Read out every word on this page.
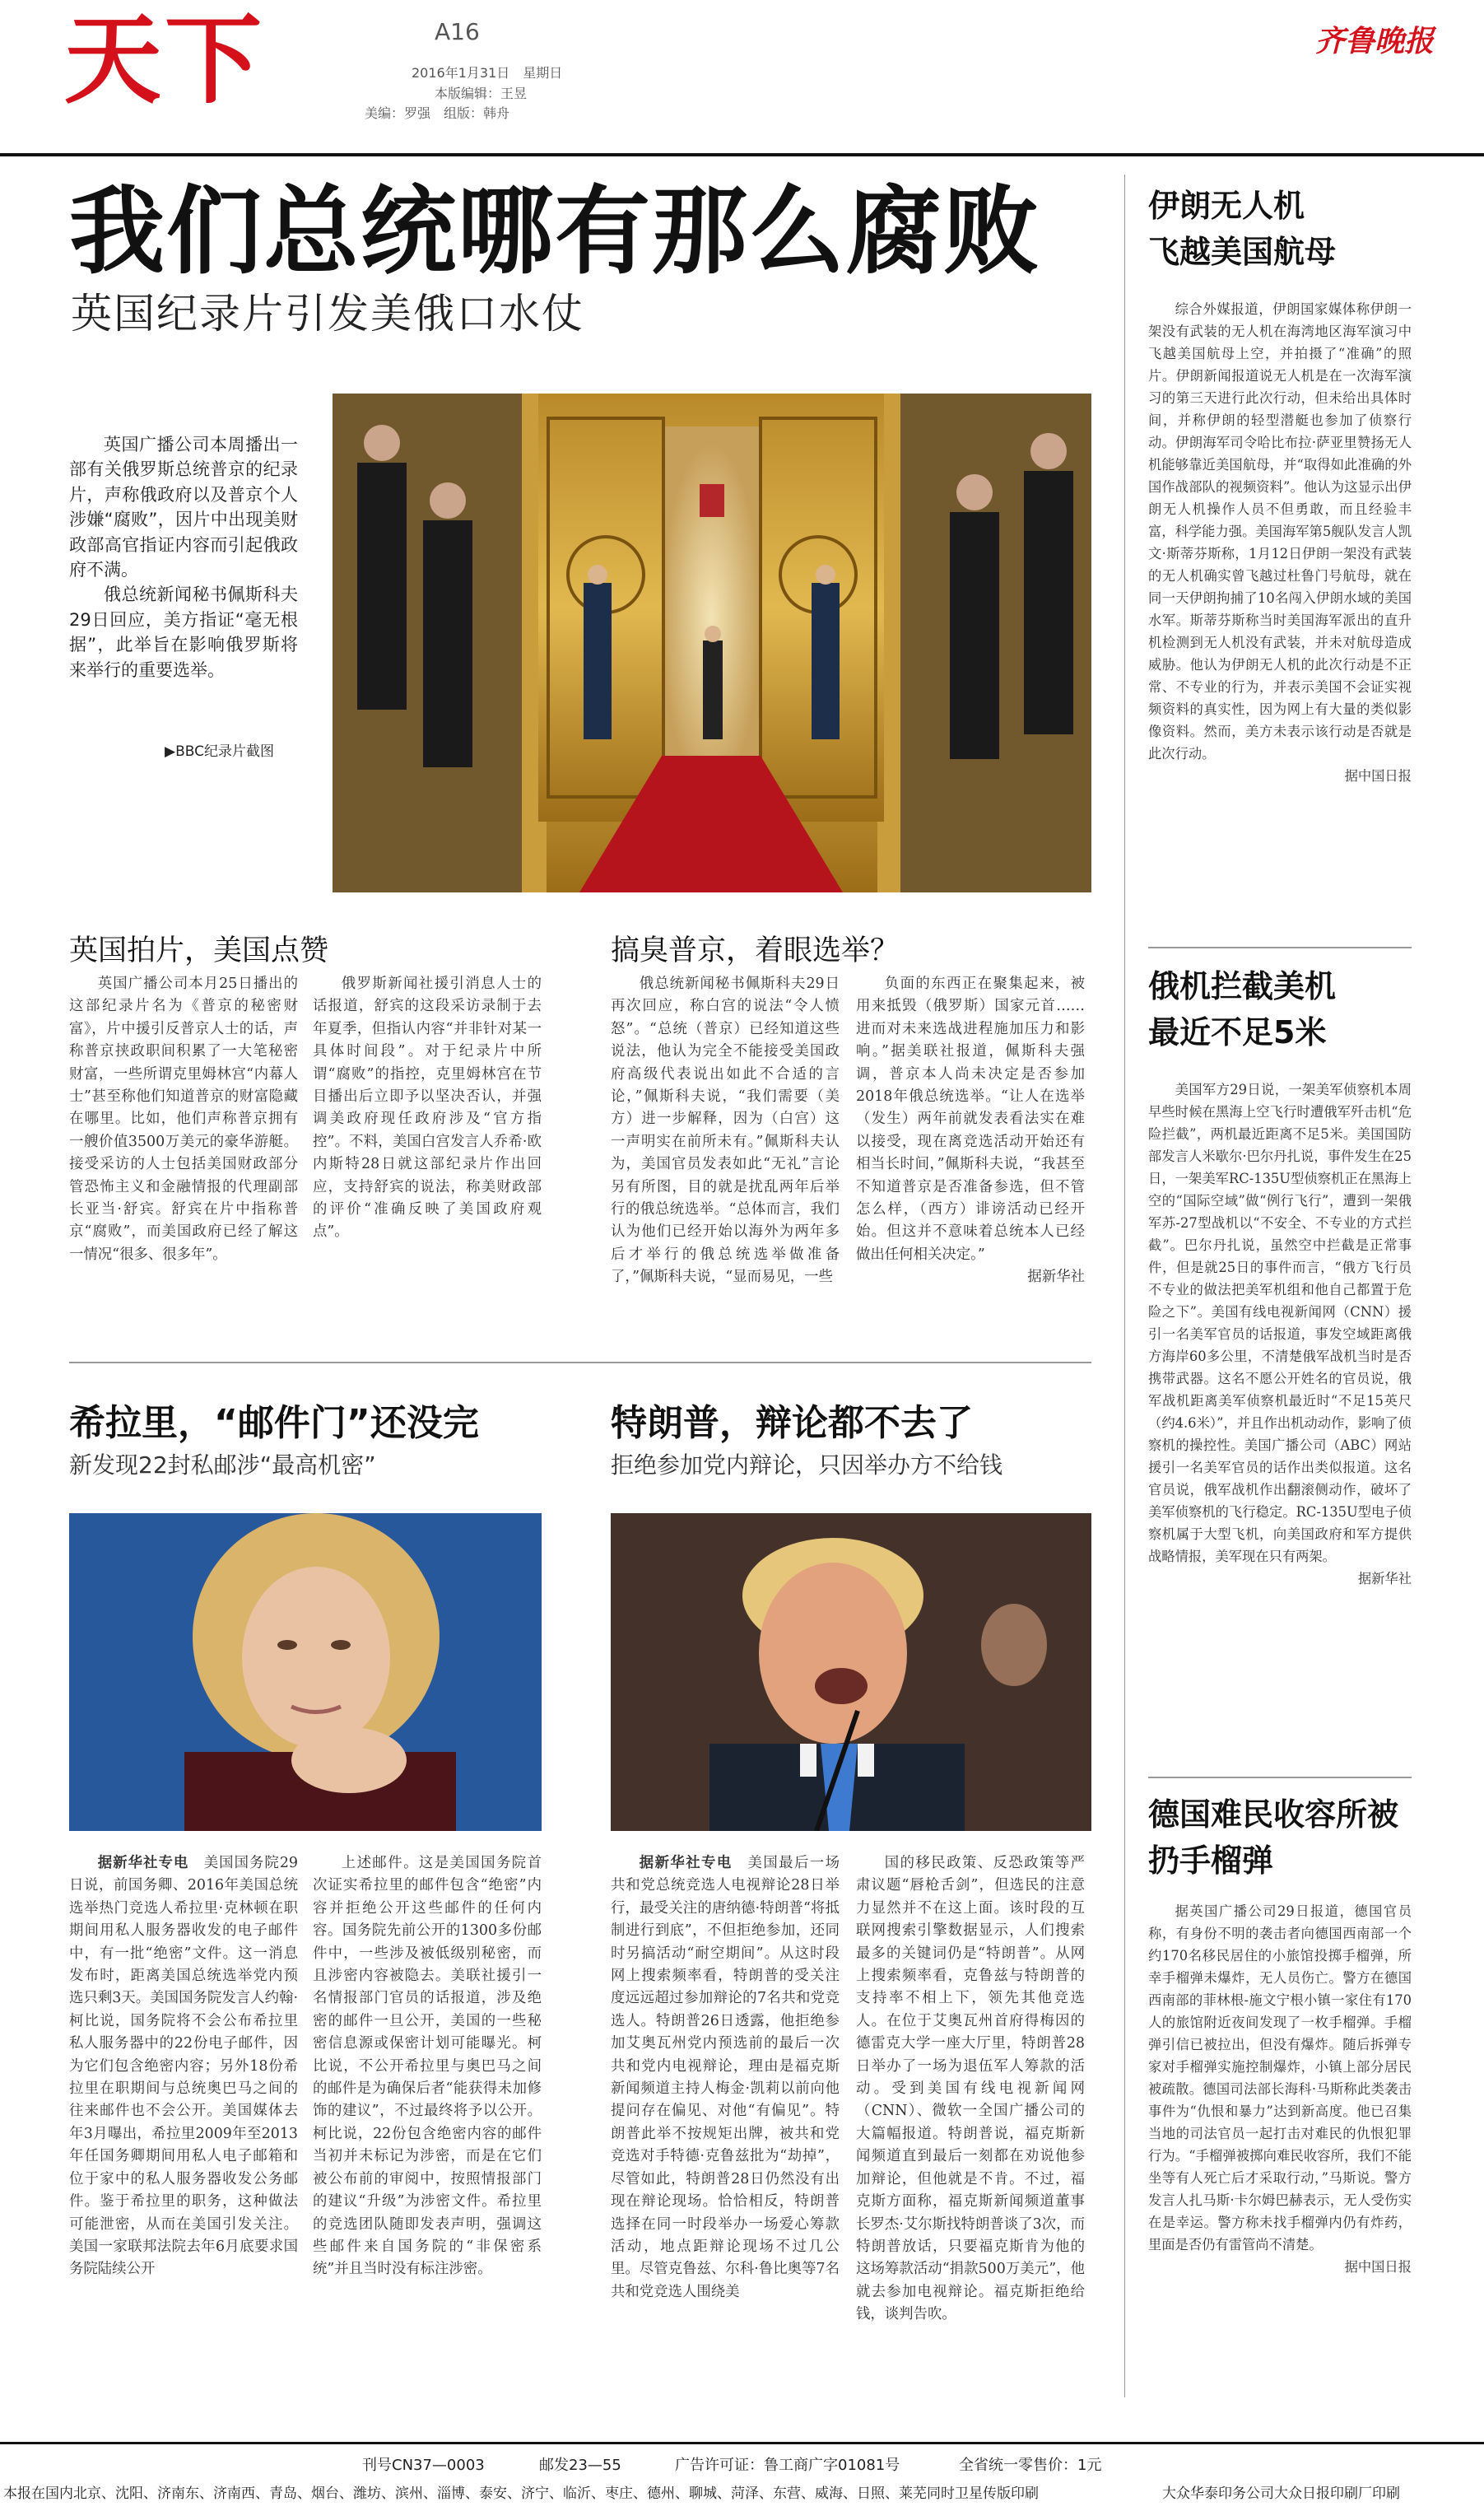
天下	A16
2016年1月31日　星期日
本版编辑：王昱
美编：罗强　组版：韩舟
齐鲁晚报
我们总统哪有那么腐败
英国纪录片引发美俄口水仗

英国广播公司本周播出一部有关俄罗斯总统普京的纪录片，声称俄政府以及普京个人涉嫌“腐败”，因片中出现美财政部高官指证内容而引起俄政府不满。

俄总统新闻秘书佩斯科夫29日回应，美方指证“毫无根据”，此举旨在影响俄罗斯将来举行的重要选举。

▶BBC纪录片截图
英国拍片，美国点赞

英国广播公司本月25日播出的这部纪录片名为《普京的秘密财富》，片中援引反普京人士的话，声称普京挟政职间积累了一大笔秘密财富，一些所谓克里姆林宫“内幕人士”甚至称他们知道普京的财富隐藏在哪里。比如，他们声称普京拥有一艘价值3500万美元的豪华游艇。接受采访的人士包括美国财政部分管恐怖主义和金融情报的代理副部长亚当·舒宾。舒宾在片中指称普京“腐败”，而美国政府已经了解这一情况“很多、很多年”。

俄罗斯新闻社援引消息人士的话报道，舒宾的这段采访录制于去年夏季，但指认内容“并非针对某一具体时间段”。对于纪录片中所谓“腐败”的指控，克里姆林宫在节目播出后立即予以坚决否认，并强调美政府现任政府涉及“官方指控”。不料，美国白宫发言人乔希·欧内斯特28日就这部纪录片作出回应，支持舒宾的说法，称美财政部的评价“准确反映了美国政府观点”。

搞臭普京，着眼选举？

俄总统新闻秘书佩斯科夫29日再次回应，称白宫的说法“令人愤怒”。“总统（普京）已经知道这些说法，他认为完全不能接受美国政府高级代表说出如此不合适的言论，”佩斯科夫说，“我们需要（美方）进一步解释，因为（白宫）这一声明实在前所未有。”佩斯科夫认为，美国官员发表如此“无礼”言论另有所图，目的就是扰乱两年后举行的俄总统选举。“总体而言，我们认为他们已经开始以海外为两年多后才举行的俄总统选举做准备了，”佩斯科夫说，“显而易见，一些

负面的东西正在聚集起来，被用来抵毁（俄罗斯）国家元首……进而对未来选战进程施加压力和影响。”据美联社报道，佩斯科夫强调，普京本人尚未决定是否参加2018年俄总统选举。“让人在选举（发生）两年前就发表看法实在难以接受，现在离竞选活动开始还有相当长时间，”佩斯科夫说，“我甚至不知道普京是否准备参选，但不管怎么样，（西方）诽谤活动已经开始。但这并不意味着总统本人已经做出任何相关决定。”

据新华社
希拉里，“邮件门”还没完
新发现22封私邮涉“最高机密”

据新华社专电　 美国国务院29日说，前国务卿、2016年美国总统选举热门竞选人希拉里·克林顿在职期间用私人服务器收发的电子邮件中，有一批“绝密”文件。这一消息发布时，距离美国总统选举党内预选只剩3天。美国国务院发言人约翰·柯比说，国务院将不会公布希拉里私人服务器中的22份电子邮件，因为它们包含绝密内容；另外18份希拉里在职期间与总统奥巴马之间的往来邮件也不会公开。美国媒体去年3月曝出，希拉里2009年至2013年任国务卿期间用私人电子邮箱和位于家中的私人服务器收发公务邮件。鉴于希拉里的职务，这种做法可能泄密，从而在美国引发关注。美国一家联邦法院去年6月底要求国务院陆续公开

上述邮件。这是美国国务院首次证实希拉里的邮件包含“绝密”内容并拒绝公开这些邮件的任何内容。国务院先前公开的1300多份邮件中，一些涉及被低级别秘密，而且涉密内容被隐去。美联社援引一名情报部门官员的话报道，涉及绝密的邮件一旦公开，美国的一些秘密信息源或保密计划可能曝光。柯比说，不公开希拉里与奥巴马之间的邮件是为确保后者“能获得未加修饰的建议”，不过最终将予以公开。柯比说，22份包含绝密内容的邮件当初并未标记为涉密，而是在它们被公布前的审阅中，按照情报部门的建议“升级”为涉密文件。希拉里的竞选团队随即发表声明，强调这些邮件来自国务院的“非保密系统”并且当时没有标注涉密。

特朗普，辩论都不去了
拒绝参加党内辩论，只因举办方不给钱

据新华社专电　 美国最后一场共和党总统竞选人电视辩论28日举行，最受关注的唐纳德·特朗普“将抵制进行到底”，不但拒绝参加，还同时另搞活动“耐空期间”。从这时段网上搜索频率看，特朗普的受关注度远远超过参加辩论的7名共和党竞选人。特朗普26日透露，他拒绝参加艾奥瓦州党内预选前的最后一次共和党内电视辩论，理由是福克斯新闻频道主持人梅金·凯莉以前向他提问存在偏见、对他“有偏见”。特朗普此举不按规矩出牌，被共和党竞选对手特德·克鲁兹批为“劫掉”，尽管如此，特朗普28日仍然没有出现在辩论现场。恰恰相反，特朗普选择在同一时段举办一场爱心筹款活动，地点距辩论现场不过几公里。尽管克鲁兹、尔科·鲁比奥等7名共和党竞选人围绕美

国的移民政策、反恐政策等严肃议题“唇枪舌剑”，但选民的注意力显然并不在这上面。该时段的互联网搜索引擎数据显示，人们搜索最多的关键词仍是“特朗普”。从网上搜索频率看，克鲁兹与特朗普的支持率不相上下，领先其他竞选人。在位于艾奥瓦州首府得梅因的德雷克大学一座大厅里，特朗普28日举办了一场为退伍军人筹款的活动。受到美国有线电视新闻网（CNN）、微软一全国广播公司的大篇幅报道。特朗普说，福克斯新闻频道直到最后一刻都在劝说他参加辩论，但他就是不肯。不过，福克斯方面称，福克斯新闻频道董事长罗杰·艾尔斯找特朗普谈了3次，而特朗普放话，只要福克斯肯为他的这场筹款活动“捐款500万美元”，他就去参加电视辩论。福克斯拒绝给钱，谈判告吹。

伊朗无人机
飞越美国航母

综合外媒报道，伊朗国家媒体称伊朗一架没有武装的无人机在海湾地区海军演习中飞越美国航母上空，并拍摄了“准确”的照片。伊朗新闻报道说无人机是在一次海军演习的第三天进行此次行动，但未给出具体时间，并称伊朗的轻型潜艇也参加了侦察行动。伊朗海军司令哈比布拉·萨亚里赞扬无人机能够靠近美国航母，并“取得如此准确的外国作战部队的视频资料”。他认为这显示出伊朗无人机操作人员不但勇敢，而且经验丰富，科学能力强。美国海军第5舰队发言人凯文·斯蒂芬斯称，1月12日伊朗一架没有武装的无人机确实曾飞越过杜鲁门号航母，就在同一天伊朗拘捕了10名闯入伊朗水域的美国水军。斯蒂芬斯称当时美国海军派出的直升机检测到无人机没有武装，并未对航母造成威胁。他认为伊朗无人机的此次行动是不正常、不专业的行为，并表示美国不会证实视频资料的真实性，因为网上有大量的类似影像资料。然而，美方未表示该行动是否就是此次行动。

据中国日报
俄机拦截美机
最近不足5米

美国军方29日说，一架美军侦察机本周早些时候在黑海上空飞行时遭俄军歼击机“危险拦截”，两机最近距离不足5米。美国国防部发言人米歇尔·巴尔丹扎说，事件发生在25日，一架美军RC-135U型侦察机正在黑海上空的“国际空域”做“例行飞行”，遭到一架俄军苏-27型战机以“不安全、不专业的方式拦截”。巴尔丹扎说，虽然空中拦截是正常事件，但是就25日的事件而言，“俄方飞行员不专业的做法把美军机组和他自己都置于危险之下”。美国有线电视新闻网（CNN）援引一名美军官员的话报道，事发空域距离俄方海岸60多公里，不清楚俄军战机当时是否携带武器。这名不愿公开姓名的官员说，俄军战机距离美军侦察机最近时“不足15英尺（约4.6米）”，并且作出机动动作，影响了侦察机的操控性。美国广播公司（ABC）网站援引一名美军官员的话作出类似报道。这名官员说，俄军战机作出翻滚侧动作，破坏了美军侦察机的飞行稳定。RC-135U型电子侦察机属于大型飞机，向美国政府和军方提供战略情报，美军现在只有两架。

据新华社
德国难民收容所被扔手榴弹

据英国广播公司29日报道，德国官员称，有身份不明的袭击者向德国西南部一个约170名移民居住的小旅馆投掷手榴弹，所幸手榴弹未爆炸，无人员伤亡。警方在德国西南部的菲林根-施文宁根小镇一家住有170人的旅馆附近夜间发现了一枚手榴弹。手榴弹引信已被拉出，但没有爆炸。随后拆弹专家对手榴弹实施控制爆炸，小镇上部分居民被疏散。德国司法部长海科·马斯称此类袭击事件为“仇恨和暴力”达到新高度。他已召集当地的司法官员一起打击对难民的仇恨犯罪行为。“手榴弹被掷向难民收容所，我们不能坐等有人死亡后才采取行动，”马斯说。警方发言人扎马斯·卡尔姆巴赫表示，无人受伤实在是幸运。警方称未找手榴弹内仍有炸药，里面是否仍有雷管尚不清楚。

据中国日报
刊号CN37—0003	邮发23—55	广告许可证：鲁工商广字01081号	全省统一零售价：1元
本报在国内北京、沈阳、济南东、济南西、青岛、烟台、潍坊、滨州、淄博、泰安、济宁、临沂、枣庄、德州、聊城、菏泽、东营、威海、日照、莱芜同时卫星传版印刷	大众华泰印务公司大众日报印刷厂印刷
